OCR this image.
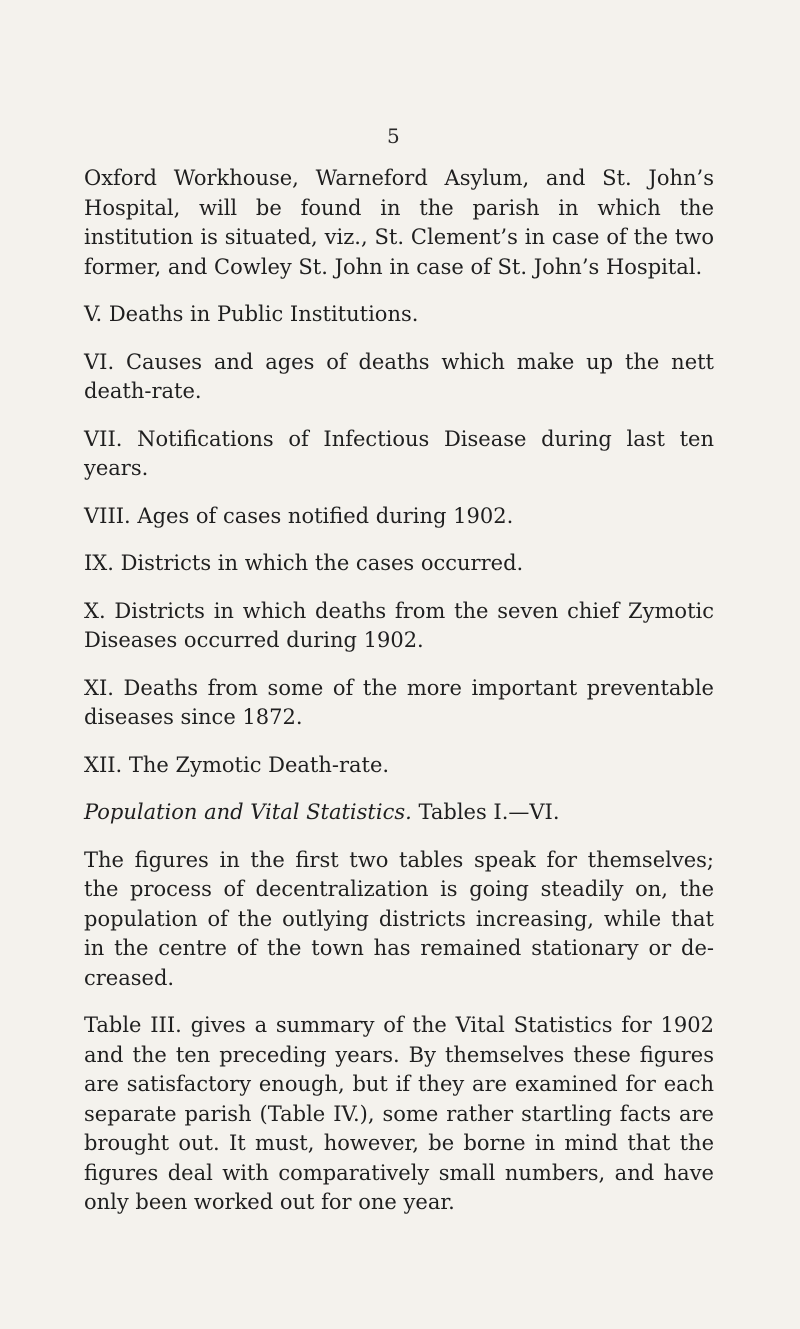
5

Oxford Workhouse, Warneford Asylum, and St. John’s Hospital, will be found in the parish in which the institution is situated, viz., St. Clement’s in case of the two former, and Cowley St. John in case of St. John’s Hospital.

V. Deaths in Public Institutions.

VI. Causes and ages of deaths which make up the nett death-rate.

VII. Notifications of Infectious Disease during last ten years.

VIII. Ages of cases notified during 1902.

IX. Districts in which the cases occurred.

X. Districts in which deaths from the seven chief Zymotic Diseases occurred during 1902.

XI. Deaths from some of the more important preventable diseases since 1872.

XII. The Zymotic Death-rate.

Population and Vital Statistics. Tables I.—VI.

The figures in the first two tables speak for themselves; the process of decentralization is going steadily on, the population of the outlying districts increasing, while that in the centre of the town has remained stationary or de-creased.

Table III. gives a summary of the Vital Statistics for 1902 and the ten preceding years. By themselves these figures are satisfactory enough, but if they are examined for each separate parish (Table IV.), some rather startling facts are brought out. It must, however, be borne in mind that the figures deal with comparatively small numbers, and have only been worked out for one year.
